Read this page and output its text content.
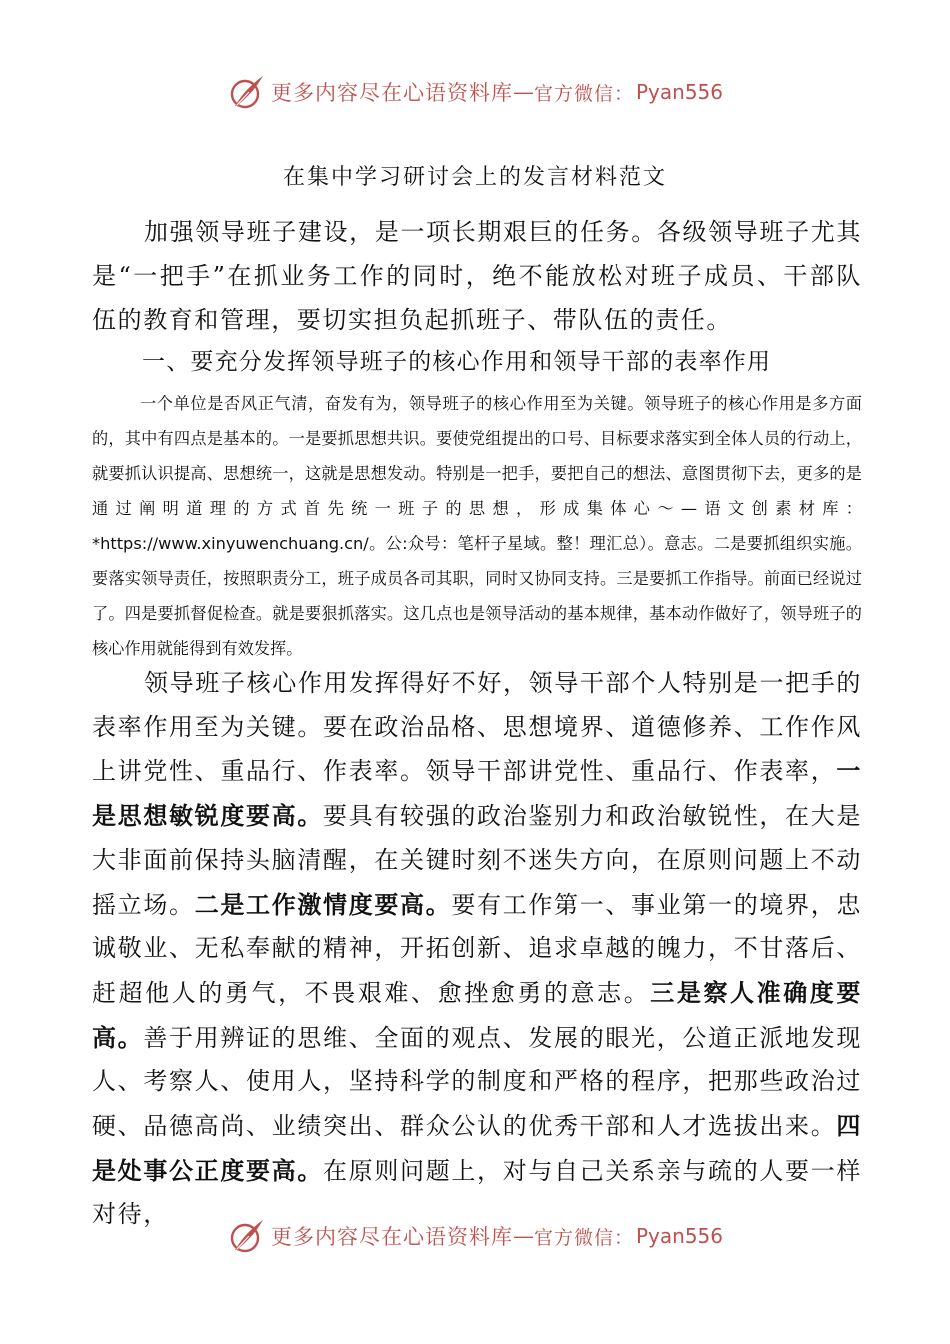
更多内容尽在心语资料库 — 官方微信： Pyan556
在集中学习研讨会上的发言材料范文

加强领导班子建设，是一项长期艰巨的任务。各级领导班子尤其是“一把手”在抓业务工作的同时，绝不能放松对班子成员、干部队伍的教育和管理，要切实担负起抓班子、带队伍的责任。

一、要充分发挥领导班子的核心作用和领导干部的表率作用

一个单位是否风正气清，奋发有为，领导班子的核心作用至为关键。领导班子的核心作用是多方面的，其中有四点是基本的。一是要抓思想共识。要使党组提出的口号、目标要求落实到全体人员的行动上，就要抓认识提高、思想统一，这就是思想发动。特别是一把手，要把自己的想法、意图贯彻下去，更多的是通过阐明道理的方式首先统一班子的思想，形成集体心～—语文创素材库：*https://www.xinyuwenchuang.cn/。公:众号：笔杆子星域。整！理汇总）。意志。二是要抓组织实施。要落实领导责任，按照职责分工，班子成员各司其职，同时又协同支持。三是要抓工作指导。前面已经说过了。四是要抓督促检查。就是要狠抓落实。这几点也是领导活动的基本规律，基本动作做好了，领导班子的核心作用就能得到有效发挥。

领导班子核心作用发挥得好不好，领导干部个人特别是一把手的表率作用至为关键。要在政治品格、思想境界、道德修养、工作作风上讲党性、重品行、作表率。领导干部讲党性、重品行、作表率，一是思想敏锐度要高。要具有较强的政治鉴别力和政治敏锐性，在大是大非面前保持头脑清醒，在关键时刻不迷失方向，在原则问题上不动摇立场。二是工作激情度要高。要有工作第一、事业第一的境界，忠诚敬业、无私奉献的精神，开拓创新、追求卓越的魄力，不甘落后、赶超他人的勇气，不畏艰难、愈挫愈勇的意志。三是察人准确度要高。善于用辨证的思维、全面的观点、发展的眼光，公道正派地发现人、考察人、使用人，坚持科学的制度和严格的程序，把那些政治过硬、品德高尚、业绩突出、群众公认的优秀干部和人才选拔出来。四是处事公正度要高。在原则问题上，对与自己关系亲与疏的人要一样对待，

更多内容尽在心语资料库 — 官方微信： Pyan556
